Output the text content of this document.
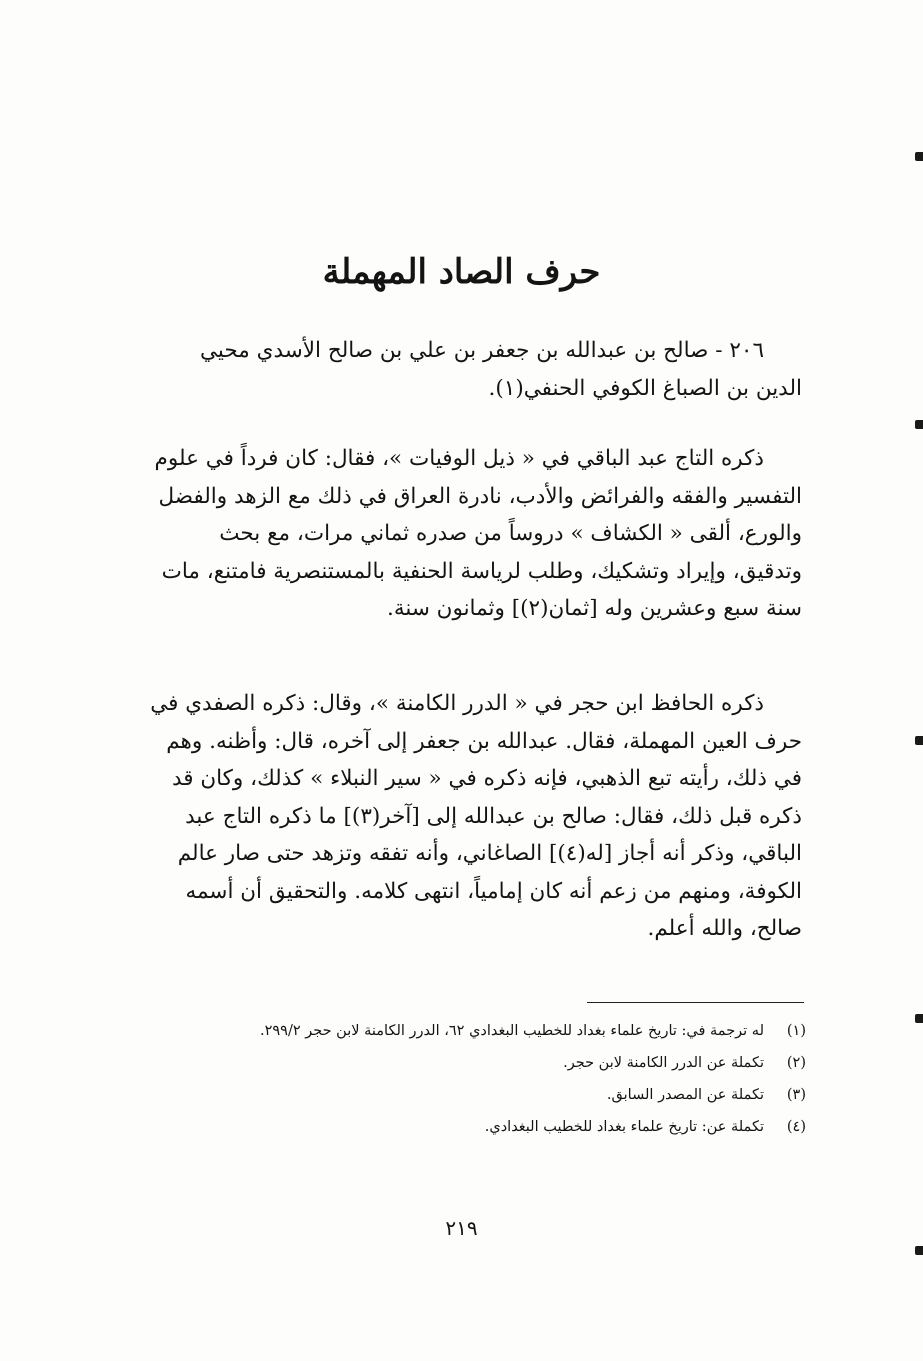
حرف الصاد المهملة

٢٠٦ - صالح بن عبدالله بن جعفر بن علي بن صالح الأسدي محيي

الدين بن الصباغ الكوفي الحنفي(١).

ذكره التاج عبد الباقي في « ذيل الوفيات »، فقال: كان فرداً في علوم

التفسير والفقه والفرائض والأدب، نادرة العراق في ذلك مع الزهد والفضل

والورع، ألقى « الكشاف » دروساً من صدره ثماني مرات، مع بحث

وتدقيق، وإيراد وتشكيك، وطلب لرياسة الحنفية بالمستنصرية فامتنع، مات

سنة سبع وعشرين وله [ثمان(٢)] وثمانون سنة.

ذكره الحافظ ابن حجر في « الدرر الكامنة »، وقال: ذكره الصفدي في

حرف العين المهملة، فقال. عبدالله بن جعفر إلى آخره، قال: وأظنه. وهم

في ذلك، رأيته تبع الذهبي، فإنه ذكره في « سير النبلاء » كذلك، وكان قد

ذكره قبل ذلك، فقال: صالح بن عبدالله إلى [آخر(٣)] ما ذكره التاج عبد

الباقي، وذكر أنه أجاز [له(٤)] الصاغاني، وأنه تفقه وتزهد حتى صار عالم

الكوفة، ومنهم من زعم أنه كان إمامياً، انتهى كلامه. والتحقيق أن أسمه

صالح، والله أعلم.

(١)
له ترجمة في: تاريخ علماء بغداد للخطيب البغدادي ٦٢، الدرر الكامنة لابن حجر ٢٩٩/٢.
(٢)
تكملة عن الدرر الكامنة لابن حجر.
(٣)
تكملة عن المصدر السابق.
(٤)
تكملة عن: تاريخ علماء بغداد للخطيب البغدادي.
٢١٩
